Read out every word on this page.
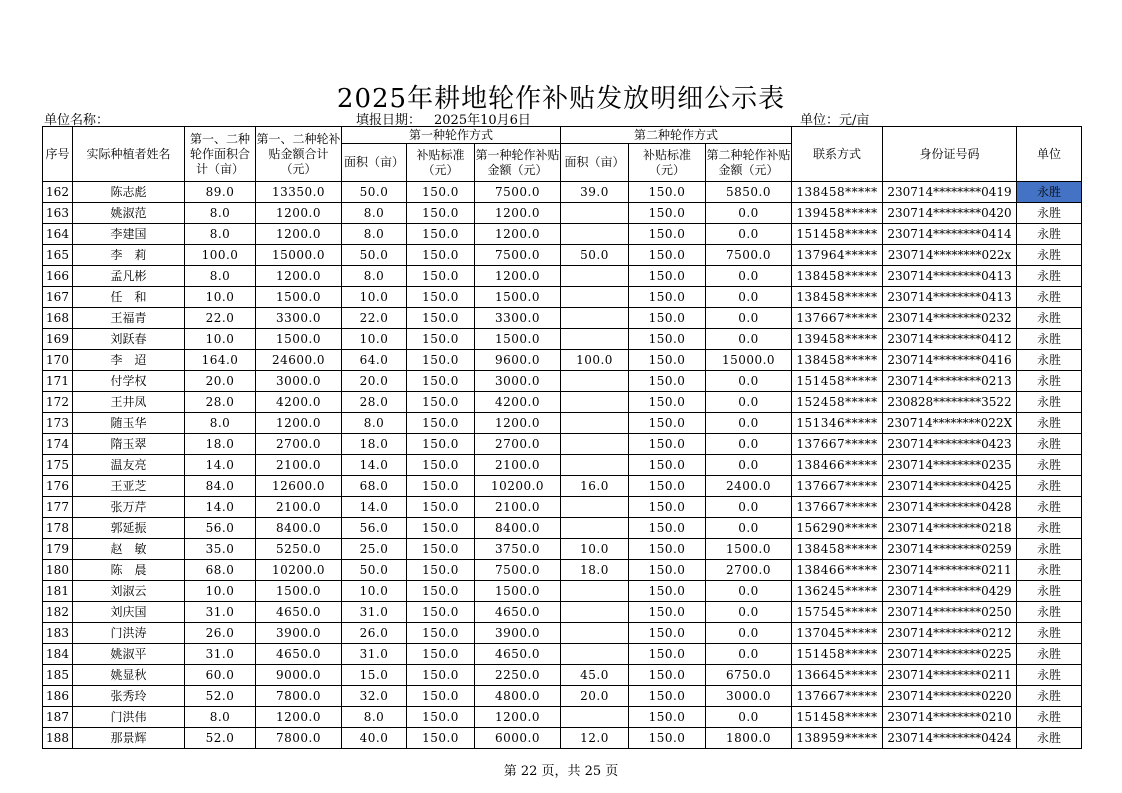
2025年耕地轮作补贴发放明细公示表
单位名称：	填报日期： 2025年10月6日	单位：元/亩
序号	实际种植者姓名	第一、二种轮作面积合计（亩）	第一、二种轮补贴金额合计（元）	第一种轮作方式			第二种轮作方式			联系方式	身份证号码	单位
				面积（亩）	补贴标准（元）	第一种轮作补贴金额（元）	面积（亩）	补贴标准（元）	第二种轮作补贴金额（元）			
162	陈志彪	89.0	13350.0	50.0	150.0	7500.0	39.0	150.0	5850.0	138458*****	230714********0419	永胜
163	姚淑范	8.0	1200.0	8.0	150.0	1200.0		150.0	0.0	139458*****	230714********0420	永胜
164	李建国	8.0	1200.0	8.0	150.0	1200.0		150.0	0.0	151458*****	230714********0414	永胜
165	李　莉	100.0	15000.0	50.0	150.0	7500.0	50.0	150.0	7500.0	137964*****	230714********022x	永胜
166	孟凡彬	8.0	1200.0	8.0	150.0	1200.0		150.0	0.0	138458*****	230714********0413	永胜
167	任　和	10.0	1500.0	10.0	150.0	1500.0		150.0	0.0	138458*****	230714********0413	永胜
168	王福青	22.0	3300.0	22.0	150.0	3300.0		150.0	0.0	137667*****	230714********0232	永胜
169	刘跃春	10.0	1500.0	10.0	150.0	1500.0		150.0	0.0	139458*****	230714********0412	永胜
170	李　迢	164.0	24600.0	64.0	150.0	9600.0	100.0	150.0	15000.0	138458*****	230714********0416	永胜
171	付学权	20.0	3000.0	20.0	150.0	3000.0		150.0	0.0	151458*****	230714********0213	永胜
172	王井凤	28.0	4200.0	28.0	150.0	4200.0		150.0	0.0	152458*****	230828********3522	永胜
173	随玉华	8.0	1200.0	8.0	150.0	1200.0		150.0	0.0	151346*****	230714********022X	永胜
174	隋玉翠	18.0	2700.0	18.0	150.0	2700.0		150.0	0.0	137667*****	230714********0423	永胜
175	温友亮	14.0	2100.0	14.0	150.0	2100.0		150.0	0.0	138466*****	230714********0235	永胜
176	王亚芝	84.0	12600.0	68.0	150.0	10200.0	16.0	150.0	2400.0	137667*****	230714********0425	永胜
177	张万芹	14.0	2100.0	14.0	150.0	2100.0		150.0	0.0	137667*****	230714********0428	永胜
178	郭延振	56.0	8400.0	56.0	150.0	8400.0		150.0	0.0	156290*****	230714********0218	永胜
179	赵　敏	35.0	5250.0	25.0	150.0	3750.0	10.0	150.0	1500.0	138458*****	230714********0259	永胜
180	陈　晨	68.0	10200.0	50.0	150.0	7500.0	18.0	150.0	2700.0	138466*****	230714********0211	永胜
181	刘淑云	10.0	1500.0	10.0	150.0	1500.0		150.0	0.0	136245*****	230714********0429	永胜
182	刘庆国	31.0	4650.0	31.0	150.0	4650.0		150.0	0.0	157545*****	230714********0250	永胜
183	门洪涛	26.0	3900.0	26.0	150.0	3900.0		150.0	0.0	137045*****	230714********0212	永胜
184	姚淑平	31.0	4650.0	31.0	150.0	4650.0		150.0	0.0	151458*****	230714********0225	永胜
185	姚显秋	60.0	9000.0	15.0	150.0	2250.0	45.0	150.0	6750.0	136645*****	230714********0211	永胜
186	张秀玲	52.0	7800.0	32.0	150.0	4800.0	20.0	150.0	3000.0	137667*****	230714********0220	永胜
187	门洪伟	8.0	1200.0	8.0	150.0	1200.0		150.0	0.0	151458*****	230714********0210	永胜
188	那景辉	52.0	7800.0	40.0	150.0	6000.0	12.0	150.0	1800.0	138959*****	230714********0424	永胜
第 22 页，共 25 页
